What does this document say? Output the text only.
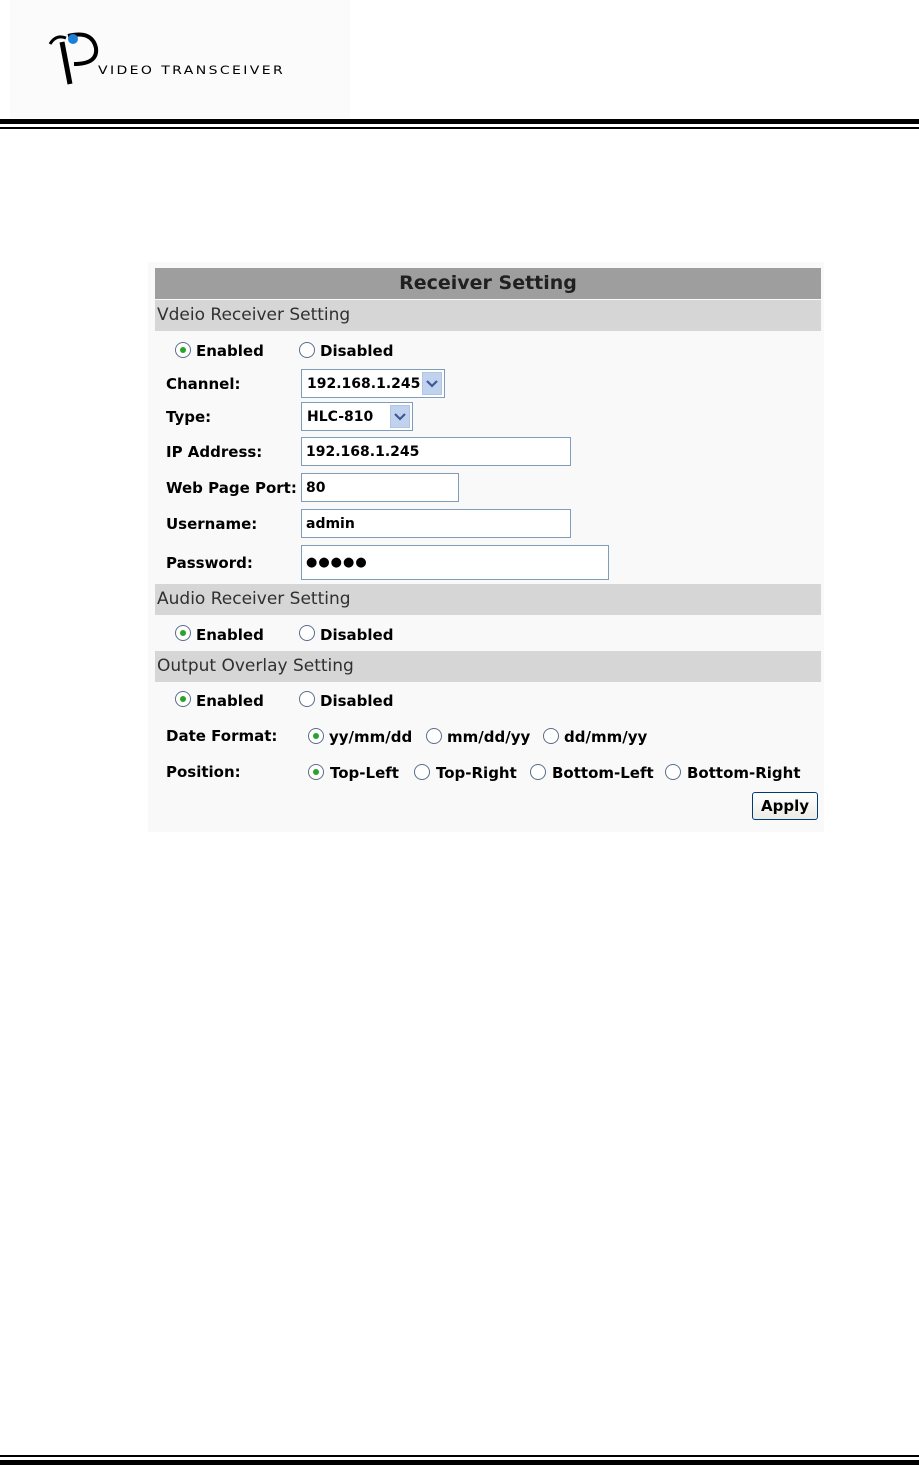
VIDEO TRANSCEIVER
Receiver Setting
Vdeio Receiver Setting
Enabled	Disabled
Channel:	192.168.1.245
Type:	HLC-810
IP Address:	192.168.1.245
Web Page Port: 80
Username:	admin
Password:	●●●●●
Audio Receiver Setting
Enabled	Disabled
Output Overlay Setting
Enabled	Disabled
Date Format:	yy/mm/dd mm/dd/yy dd/mm/yy
Position:	Top-Left Top-Right Bottom-Left Bottom-Right
Apply
